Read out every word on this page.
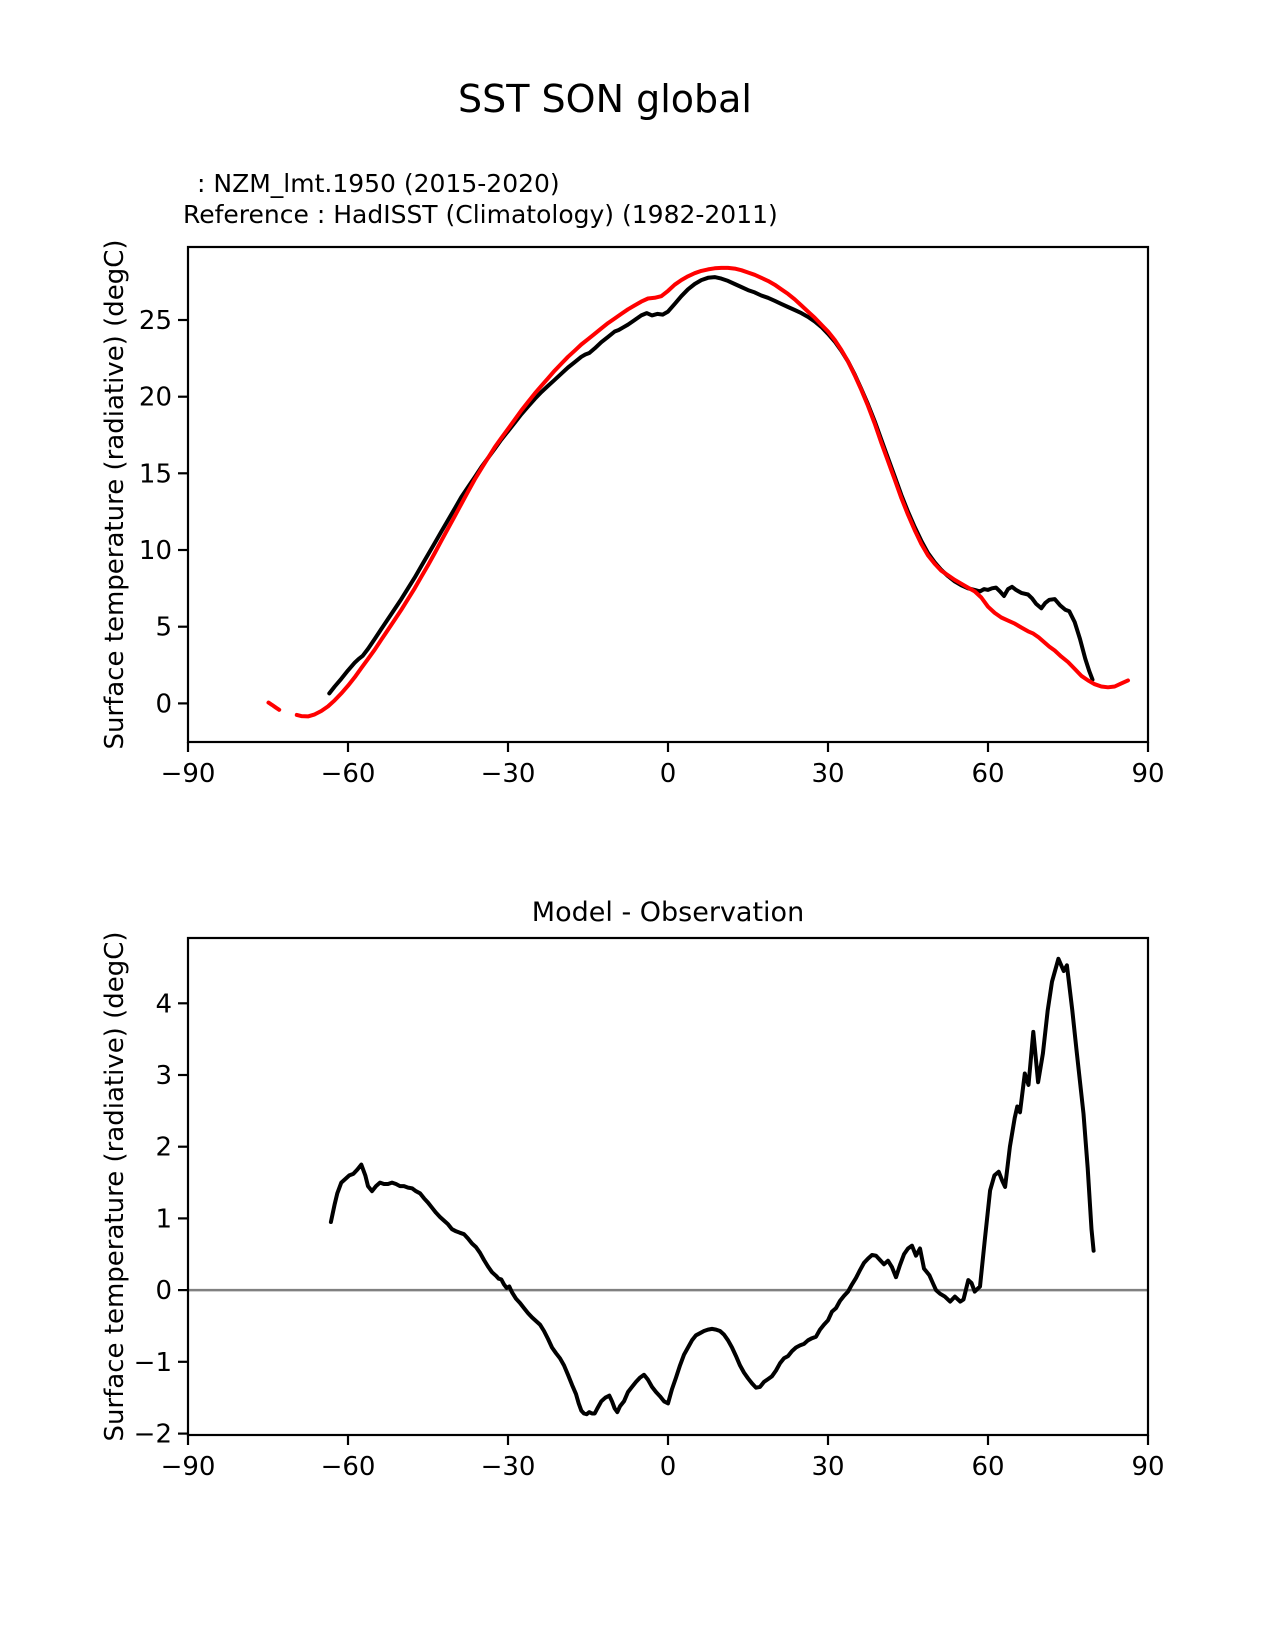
SST SON global
: NZM_lmt.1950 (2015-2020)
Reference : HadISST (Climatology) (1982-2011)
−90	−60	−30	0	30	60	90
0
5
10
15
20
25
Surface temperature (radiative) (degC)
−90	−60	−30	0	30	60	90
−2
−1
0
1
2
3
4
Model - Observation
Surface temperature (radiative) (degC)
